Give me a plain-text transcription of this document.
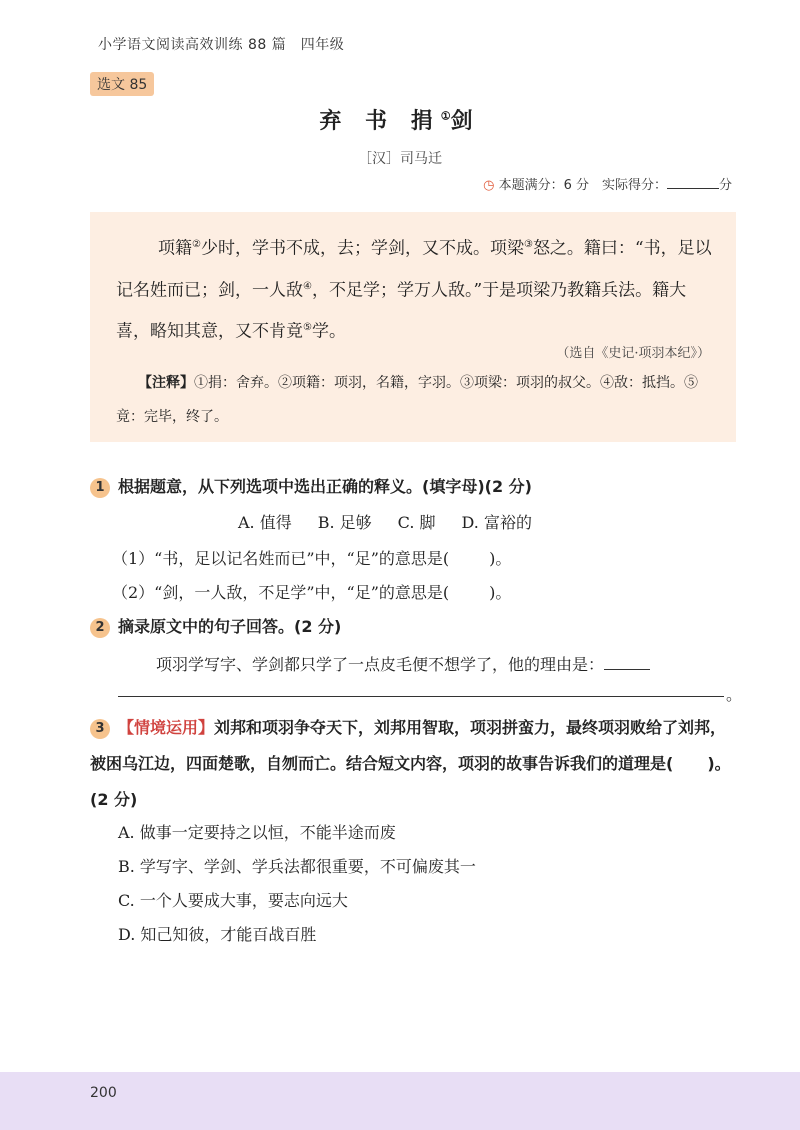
小学语文阅读高效训练 88 篇　四年级
选文 85
弃 书 捐①剑
［汉］司马迁
◷ 本题满分：6 分　实际得分：	分
项籍②少时，学书不成，去；学剑，又不成。项梁③怒之。籍曰：“书，足以记名姓而已；剑，一人敌④，不足学；学万人敌。”于是项梁乃教籍兵法。籍大喜，略知其意，又不肯竟⑤学。
（选自《史记·项羽本纪》）
【注释】①捐：舍弃。②项籍：项羽，名籍，字羽。③项梁：项羽的叔父。④敌：抵挡。⑤竟：完毕，终了。
1 根据题意，从下列选项中选出正确的释义。(填字母)(2 分)
A. 值得 B. 足够 C. 脚 D. 富裕的
（1）“书，足以记名姓而已”中，“足”的意思是(	)。
（2）“剑，一人敌，不足学”中，“足”的意思是(	)。
2 摘录原文中的句子回答。(2 分)
项羽学写字、学剑都只学了一点皮毛便不想学了，他的理由是：
。
3 【情境运用】刘邦和项羽争夺天下，刘邦用智取，项羽拼蛮力，最终项羽败给了刘邦，被困乌江边，四面楚歌，自刎而亡。结合短文内容，项羽的故事告诉我们的道理是( )。(2 分)
A. 做事一定要持之以恒，不能半途而废
B. 学写字、学剑、学兵法都很重要，不可偏废其一
C. 一个人要成大事，要志向远大
D. 知己知彼，才能百战百胜
200
